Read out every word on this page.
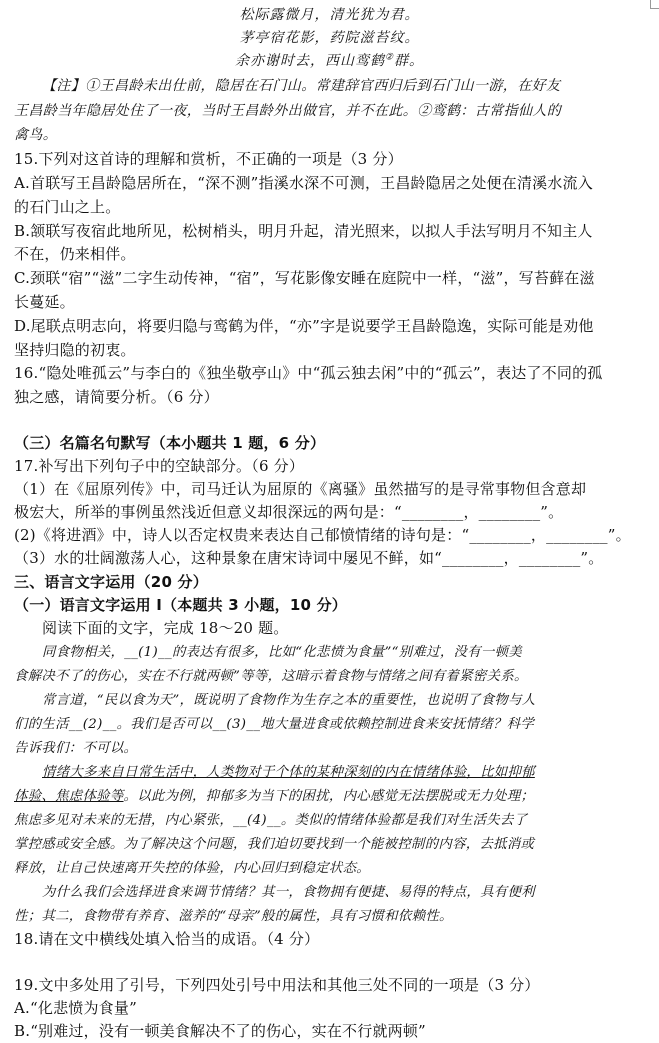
松际露微月，清光犹为君。
茅亭宿花影，药院滋苔纹。
余亦谢时去，西山鸾鹤②群。
【注】①王昌龄未出仕前，隐居在石门山。常建辞官西归后到石门山一游，在好友
王昌龄当年隐居处住了一夜，当时王昌龄外出做官，并不在此。②鸾鹤：古常指仙人的
禽鸟。
15.下列对这首诗的理解和赏析，不正确的一项是（3 分）
A.首联写王昌龄隐居所在，“深不测”指溪水深不可测，王昌龄隐居之处便在清溪水流入
的石门山之上。
B.颔联写夜宿此地所见，松树梢头，明月升起，清光照来，以拟人手法写明月不知主人
不在，仍来相伴。
C.颈联“宿”“滋”二字生动传神，“宿”，写花影像安睡在庭院中一样，“滋”，写苔藓在滋
长蔓延。
D.尾联点明志向，将要归隐与鸾鹤为伴，“亦”字是说要学王昌龄隐逸，实际可能是劝他
坚持归隐的初衷。
16.“隐处唯孤云”与李白的《独坐敬亭山》中“孤云独去闲”中的“孤云”，表达了不同的孤
独之感，请简要分析。（6 分）
（三）名篇名句默写（本小题共 1 题，6 分）
17.补写出下列句子中的空缺部分。（6 分）
（1）在《屈原列传》中，司马迁认为屈原的《离骚》虽然描写的是寻常事物但含意却
极宏大，所举的事例虽然浅近但意义却很深远的两句是：“________，________”。
(2)《将进酒》中，诗人以否定权贵来表达自己郁愤情绪的诗句是：“________，________”。
（3）水的壮阔激荡人心，这种景象在唐宋诗词中屡见不鲜，如“________，________”。
三、语言文字运用（20 分）
（一）语言文字运用 I（本题共 3 小题，10 分）
阅读下面的文字，完成 18～20 题。
同食物相关，__(1)__的表达有很多，比如“化悲愤为食量”“别难过，没有一顿美
食解决不了的伤心，实在不行就两顿”等等，这暗示着食物与情绪之间有着紧密关系。
常言道，“民以食为天”，既说明了食物作为生存之本的重要性，也说明了食物与人
们的生活__(2)__。我们是否可以__(3)__地大量进食或依赖控制进食来安抚情绪？科学
告诉我们：不可以。
情绪大多来自日常生活中，人类物对于个体的某种深刻的内在情绪体验，比如抑郁
体验、焦虑体验等。以此为例，抑郁多为当下的困扰，内心感觉无法摆脱或无力处理；
焦虑多见对未来的无措，内心紧张，__(4)__。类似的情绪体验都是我们对生活失去了
掌控感或安全感。为了解决这个问题，我们迫切要找到一个能被控制的内容，去抵消或
释放，让自己快速离开失控的体验，内心回归到稳定状态。
为什么我们会选择进食来调节情绪？其一，食物拥有便捷、易得的特点，具有便利
性；其二，食物带有养育、滋养的“母亲”般的属性，具有习惯和依赖性。
18.请在文中横线处填入恰当的成语。（4 分）
19.文中多处用了引号，下列四处引号中用法和其他三处不同的一项是（3 分）
A.“化悲愤为食量”
B.“别难过，没有一顿美食解决不了的伤心，实在不行就两顿”
